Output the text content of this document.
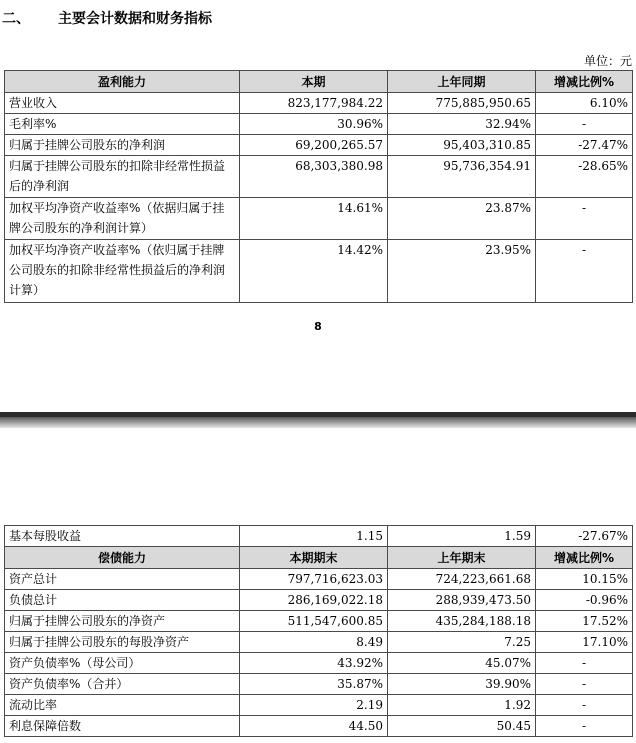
二、	主要会计数据和财务指标
单位：元
盈利能力	本期	上年同期	增减比例%
营业收入	823,177,984.22	775,885,950.65	6.10%
毛利率%	30.96%	32.94%	-
归属于挂牌公司股东的净利润	69,200,265.57	95,403,310.85	-27.47%
归属于挂牌公司股东的扣除非经常性损益后的净利润	68,303,380.98	95,736,354.91	-28.65%
加权平均净资产收益率%（依据归属于挂牌公司股东的净利润计算）	14.61%	23.87%	-
加权平均净资产收益率%（依归属于挂牌公司股东的扣除非经常性损益后的净利润计算）	14.42%	23.95%	-
8
基本每股收益	1.15	1.59	-27.67%
偿债能力	本期期末	上年期末	增减比例%
资产总计	797,716,623.03	724,223,661.68	10.15%
负债总计	286,169,022.18	288,939,473.50	-0.96%
归属于挂牌公司股东的净资产	511,547,600.85	435,284,188.18	17.52%
归属于挂牌公司股东的每股净资产	8.49	7.25	17.10%
资产负债率%（母公司）	43.92%	45.07%	-
资产负债率%（合并）	35.87%	39.90%	-
流动比率	2.19	1.92	-
利息保障倍数	44.50	50.45	-
